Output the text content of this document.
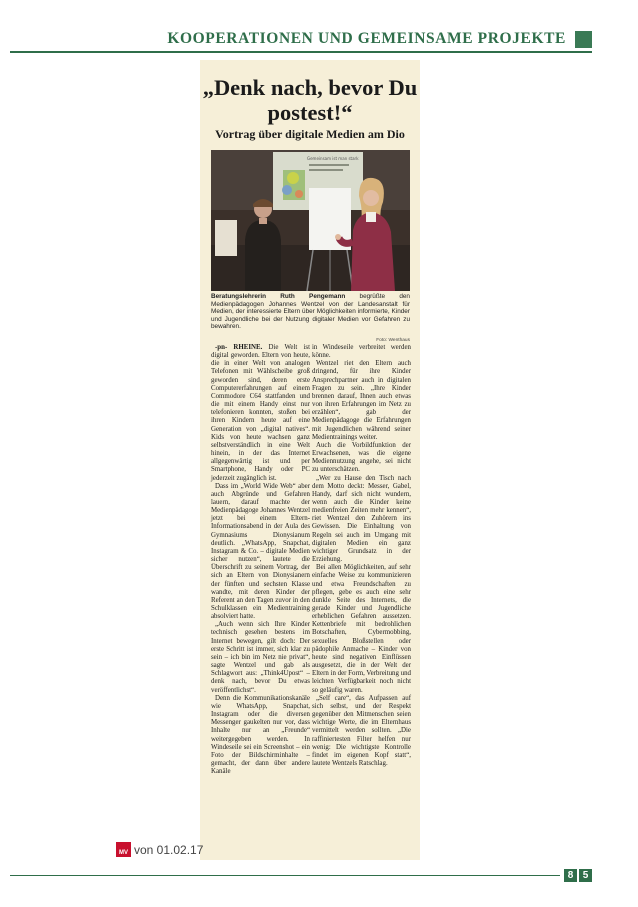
KOOPERATIONEN UND GEMEINSAME PROJEKTE
„Denk nach, bevor Du postest!“
Vortrag über digitale Medien am Dio
Gemeinsam ist man stark
Beratungslehrerin Ruth Pengemann begrüßte den Medienpädagogen Johannes Wentzel von der Landesanstalt für Medien, der interessierte Eltern über Möglichkeiten informierte, Kinder und Jugendliche bei der Nutzung digitaler Medien vor Gefahren zu bewahren.
Foto: Wenthaus

-pn- RHEINE. Die Welt ist digital geworden. Eltern von heute, die in einer Welt von analogen Telefonen mit Wählscheibe groß geworden sind, deren erste Computererfahrungen auf einem Commodore C64 stattfanden und die mit einem Handy einst nur telefonieren konnten, stoßen bei ihren Kindern heute auf eine Generation von „digital natives“. Kids von heute wachsen ganz selbstverständlich in eine Welt hinein, in der das Internet allgegenwärtig ist und per Smartphone, Handy oder PC jederzeit zugänglich ist.

Dass im „World Wide Web“ aber auch Abgründe und Gefahren lauern, darauf machte der Medienpädagoge Johannes Wentzel jetzt bei einem Eltern-Informationsabend in der Aula des Gymnasiums Dionysianum deutlich. „WhatsApp, Snapchat, Instagram & Co. – digitale Medien sicher nutzen“, lautete die Überschrift zu seinem Vortrag, der sich an Eltern von Dionysianern der fünften und sechsten Klasse wandte, mit deren Kinder der Referent an den Tagen zuvor in den Schulklassen ein Medientraining absolviert hatte.

„Auch wenn sich Ihre Kinder technisch gesehen bestens im Internet bewegen, gilt doch: Der erste Schritt ist immer, sich klar zu sein – ich bin im Netz nie privat“, sagte Wentzel und gab als Schlagwort aus: „Think4Upost“ – denk nach, bevor Du etwas veröffentlichst“.

Denn die Kommunikationskanäle wie WhatsApp, Snapchat, Instagram oder die diversen Messenger gaukelten nur vor, dass Inhalte nur an „Freunde“ weitergegeben werden. In Windeseile sei ein Screenshot – ein Foto der Bildschirminhalte – gemacht, der dann über andere Kanäle

in Windeseile verbreitet werden könne.

Wentzel riet den Eltern auch dringend, für ihre Kinder Ansprechpartner auch in digitalen Fragen zu sein. „Ihre Kinder brennen darauf, Ihnen auch etwas von ihren Erfahrungen im Netz zu erzählen“, gab der Medienpädagoge die Erfahrungen mit Jugendlichen während seiner Medientrainings weiter.

Auch die Vorbildfunktion der Erwachsenen, was die eigene Mediennutzung angehe, sei nicht zu unterschätzen.

„Wer zu Hause den Tisch nach dem Motto deckt: Messer, Gabel, Handy, darf sich nicht wundern, wenn auch die Kinder keine medienfreien Zeiten mehr kennen“, riet Wentzel den Zuhörern ins Gewissen. Die Einhaltung von Regeln sei auch im Umgang mit digitalen Medien ein ganz wichtiger Grundsatz in der Erziehung.

Bei allen Möglichkeiten, auf sehr einfache Weise zu kommunizieren und etwa Freundschaften zu pflegen, gebe es auch eine sehr dunkle Seite des Internets, die gerade Kinder und Jugendliche erheblichen Gefahren aussetzen. Kettenbriefe mit bedrohlichen Botschaften, Cybermobbing, sexuelles Bloßstellen oder pädophile Anmache – Kinder von heute sind negativen Einflüssen ausgesetzt, die in der Welt der Eltern in der Form, Verbreitung und leichten Verfügbarkeit noch nicht so geläufig waren.

„Self care“, das Aufpassen auf sich selbst, und der Respekt gegenüber den Mitmenschen seien wichtige Werte, die im Elternhaus vermittelt werden sollten. „Die raffiniertesten Filter helfen nur wenig: Die wichtigste Kontrolle findet im eigenen Kopf statt“, lautete Wentzels Ratschlag.

MV von 01.02.17
8 5
